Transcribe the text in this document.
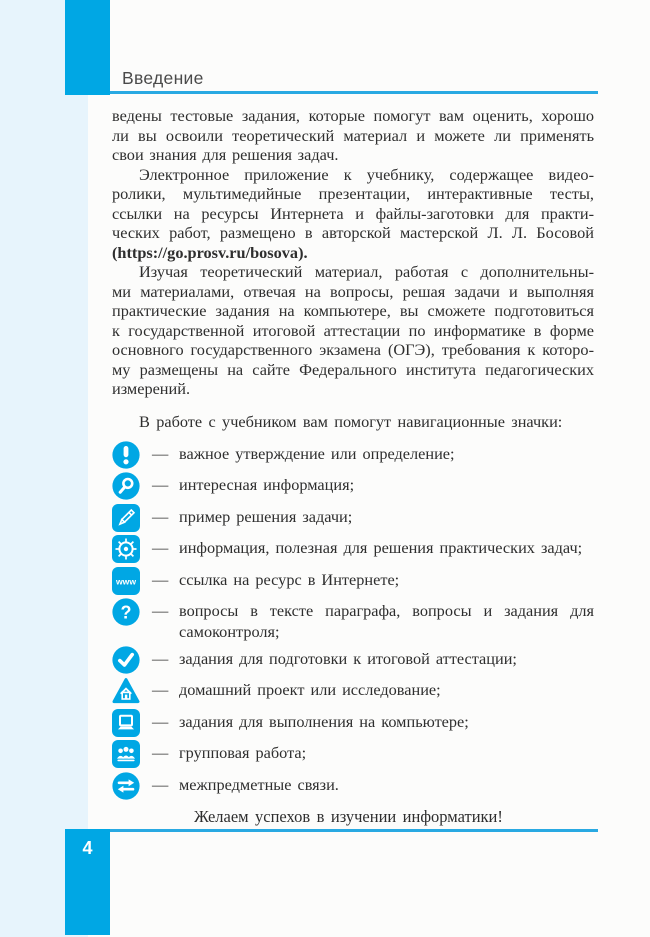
Введение
ведены тестовые задания, которые помогут вам оценить, хорошо
ли вы освоили теоретический материал и можете ли применять
свои знания для решения задач.
Электронное приложение к учебнику, содержащее видео-
ролики, мультимедийные презентации, интерактивные тесты,
ссылки на ресурсы Интернета и файлы-заготовки для практи-
ческих работ, размещено в авторской мастерской Л. Л. Босовой
(https://go.prosv.ru/bosova).
Изучая теоретический материал, работая с дополнительны-
ми материалами, отвечая на вопросы, решая задачи и выполняя
практические задания на компьютере, вы сможете подготовиться
к государственной итоговой аттестации по информатике в форме
основного государственного экзамена (ОГЭ), требования к которо-
му размещены на сайте Федерального института педагогических
измерений.
В работе с учебником вам помогут навигационные значки:
— важное утверждение или определение;
— интересная информация;
— пример решения задачи;
— информация, полезная для решения практических задач;
www — ссылка на ресурс в Интернете;
? — вопросы в тексте параграфа, вопросы и задания для самоконтроля;
— задания для подготовки к итоговой аттестации;
— домашний проект или исследование;
— задания для выполнения на компьютере;
— групповая работа;
— межпредметные связи.
Желаем успехов в изучении информатики!
4
